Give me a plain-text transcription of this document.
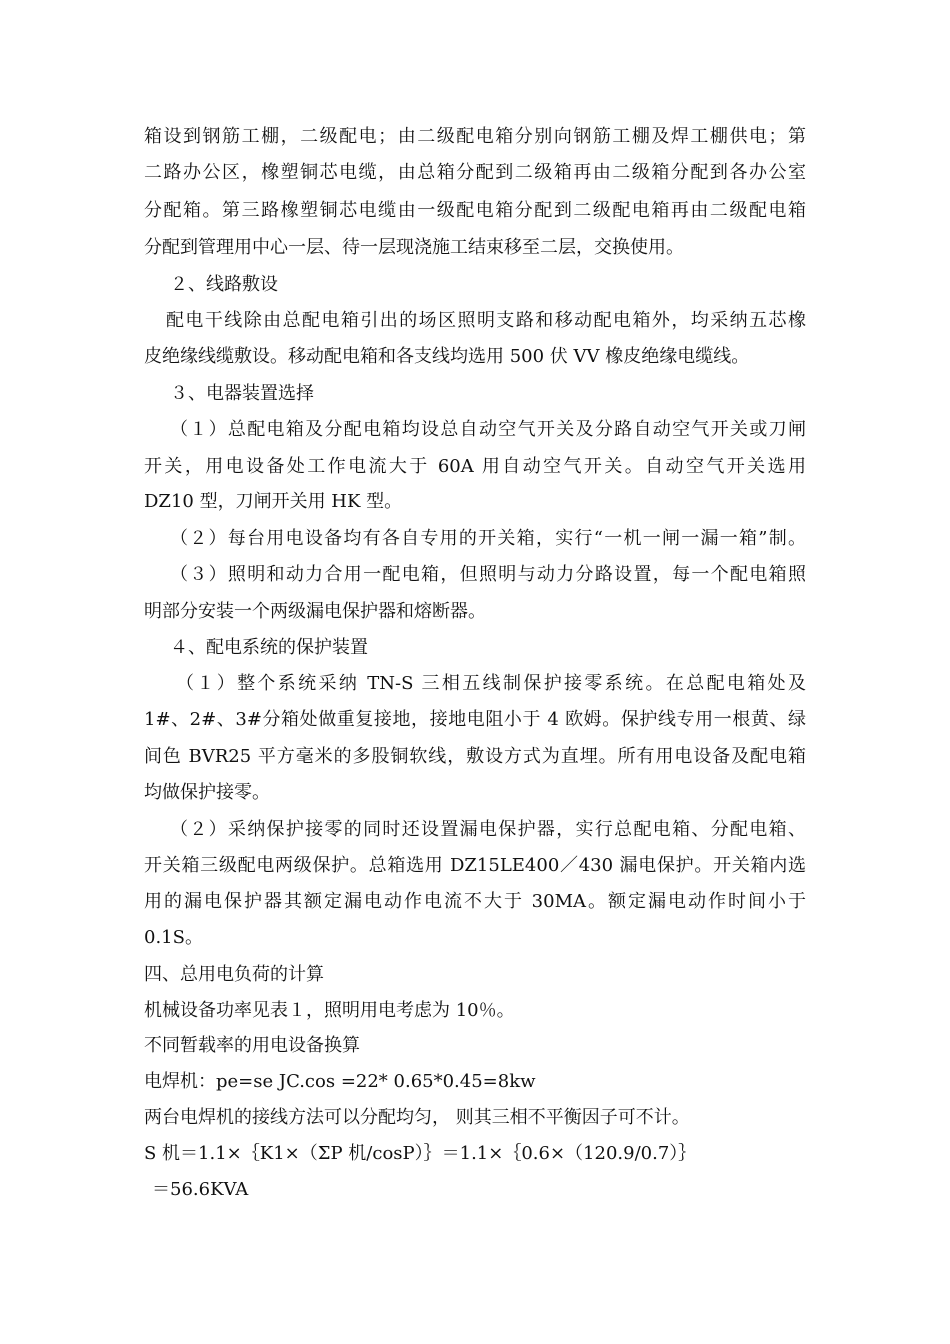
箱设到钢筋工棚，二级配电；由二级配电箱分别向钢筋工棚及焊工棚供电；第
二路办公区，橡塑铜芯电缆，由总箱分配到二级箱再由二级箱分配到各办公室
分配箱。第三路橡塑铜芯电缆由一级配电箱分配到二级配电箱再由二级配电箱
分配到管理用中心一层、待一层现浇施工结束移至二层，交换使用。
２、线路敷设
配电干线除由总配电箱引出的场区照明支路和移动配电箱外，均采纳五芯橡
皮绝缘线缆敷设。移动配电箱和各支线均选用 500 伏 VV 橡皮绝缘电缆线。
３、电器装置选择
（１）总配电箱及分配电箱均设总自动空气开关及分路自动空气开关或刀闸
开关，用电设备处工作电流大于 60A 用自动空气开关。自动空气开关选用
DZ10 型，刀闸开关用 HK 型。
（２）每台用电设备均有各自专用的开关箱，实行“一机一闸一漏一箱”制。
（３）照明和动力合用一配电箱，但照明与动力分路设置，每一个配电箱照
明部分安装一个两级漏电保护器和熔断器。
４、配电系统的保护装置
（１）整个系统采纳 TN-S 三相五线制保护接零系统。在总配电箱处及
1#、2#、3#分箱处做重复接地，接地电阻小于 4 欧姆。保护线专用一根黄、绿
间色 BVR25 平方毫米的多股铜软线，敷设方式为直埋。所有用电设备及配电箱
均做保护接零。
（２）采纳保护接零的同时还设置漏电保护器，实行总配电箱、分配电箱、
开关箱三级配电两级保护。总箱选用 DZ15LE400／430 漏电保护。开关箱内选
用的漏电保护器其额定漏电动作电流不大于 30MA。额定漏电动作时间小于
0.1S。
四、总用电负荷的计算
机械设备功率见表１，照明用电考虑为 10％。
不同暂载率的用电设备换算
电焊机：pe=se JC.cos =22* 0.65*0.45=8kw
两台电焊机的接线方法可以分配均匀， 则其三相不平衡因子可不计。
S 机＝1.1×｛K1×（ΣP 机/cosP）｝＝1.1×｛0.6×（120.9/0.7）｝
＝56.6KVA
